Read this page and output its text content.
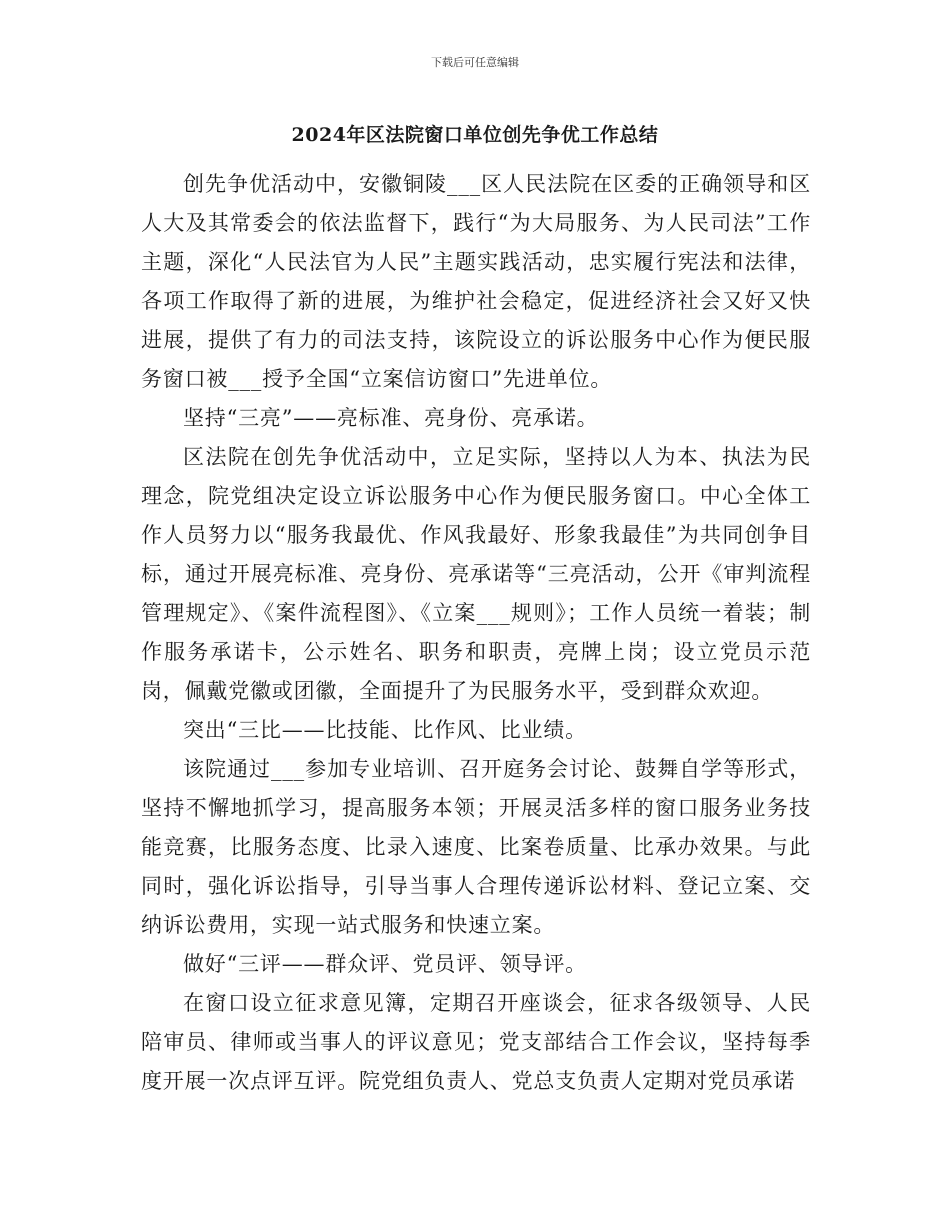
下载后可任意编辑
2024年区法院窗口单位创先争优工作总结

创先争优活动中，安徽铜陵___区人民法院在区委的正确领导和区人大及其常委会的依法监督下，践行“为大局服务、为人民司法”工作主题，深化“人民法官为人民”主题实践活动，忠实履行宪法和法律，各项工作取得了新的进展，为维护社会稳定，促进经济社会又好又快进展，提供了有力的司法支持，该院设立的诉讼服务中心作为便民服务窗口被___授予全国“立案信访窗口”先进单位。

坚持“三亮”——亮标准、亮身份、亮承诺。

区法院在创先争优活动中，立足实际，坚持以人为本、执法为民理念，院党组决定设立诉讼服务中心作为便民服务窗口。中心全体工作人员努力以“服务我最优、作风我最好、形象我最佳”为共同创争目标，通过开展亮标准、亮身份、亮承诺等“三亮活动，公开《审判流程管理规定》、《案件流程图》、《立案___规则》；工作人员统一着装；制作服务承诺卡，公示姓名、职务和职责，亮牌上岗；设立党员示范岗，佩戴党徽或团徽，全面提升了为民服务水平，受到群众欢迎。

突出“三比——比技能、比作风、比业绩。

该院通过___参加专业培训、召开庭务会讨论、鼓舞自学等形式，坚持不懈地抓学习，提高服务本领；开展灵活多样的窗口服务业务技能竞赛，比服务态度、比录入速度、比案卷质量、比承办效果。与此同时，强化诉讼指导，引导当事人合理传递诉讼材料、登记立案、交纳诉讼费用，实现一站式服务和快速立案。

做好“三评——群众评、党员评、领导评。

在窗口设立征求意见簿，定期召开座谈会，征求各级领导、人民陪审员、律师或当事人的评议意见；党支部结合工作会议，坚持每季度开展一次点评互评。院党组负责人、党总支负责人定期对党员承诺
